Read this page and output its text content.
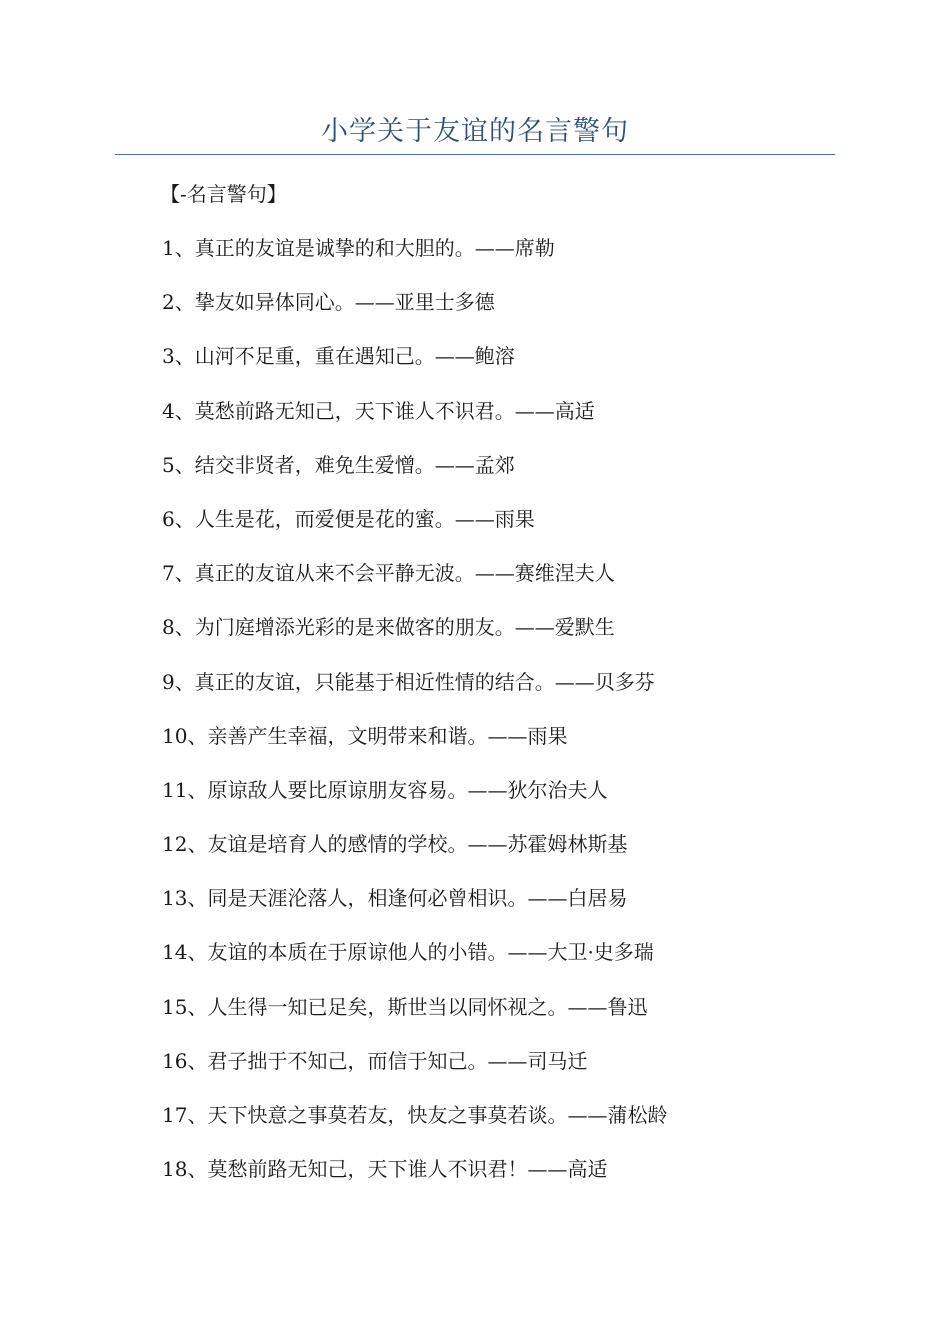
小学关于友谊的名言警句
【-名言警句】
1、真正的友谊是诚挚的和大胆的。——席勒
2、挚友如异体同心。——亚里士多德
3、山河不足重，重在遇知己。——鲍溶
4、莫愁前路无知己，天下谁人不识君。——高适
5、结交非贤者，难免生爱憎。——孟郊
6、人生是花，而爱便是花的蜜。——雨果
7、真正的友谊从来不会平静无波。——赛维涅夫人
8、为门庭增添光彩的是来做客的朋友。——爱默生
9、真正的友谊，只能基于相近性情的结合。——贝多芬
10、亲善产生幸福，文明带来和谐。——雨果
11、原谅敌人要比原谅朋友容易。——狄尔治夫人
12、友谊是培育人的感情的学校。——苏霍姆林斯基
13、同是天涯沦落人，相逢何必曾相识。——白居易
14、友谊的本质在于原谅他人的小错。——大卫·史多瑞
15、人生得一知已足矣，斯世当以同怀视之。——鲁迅
16、君子拙于不知己，而信于知己。——司马迁
17、天下快意之事莫若友，快友之事莫若谈。——蒲松龄
18、莫愁前路无知己，天下谁人不识君！——高适
